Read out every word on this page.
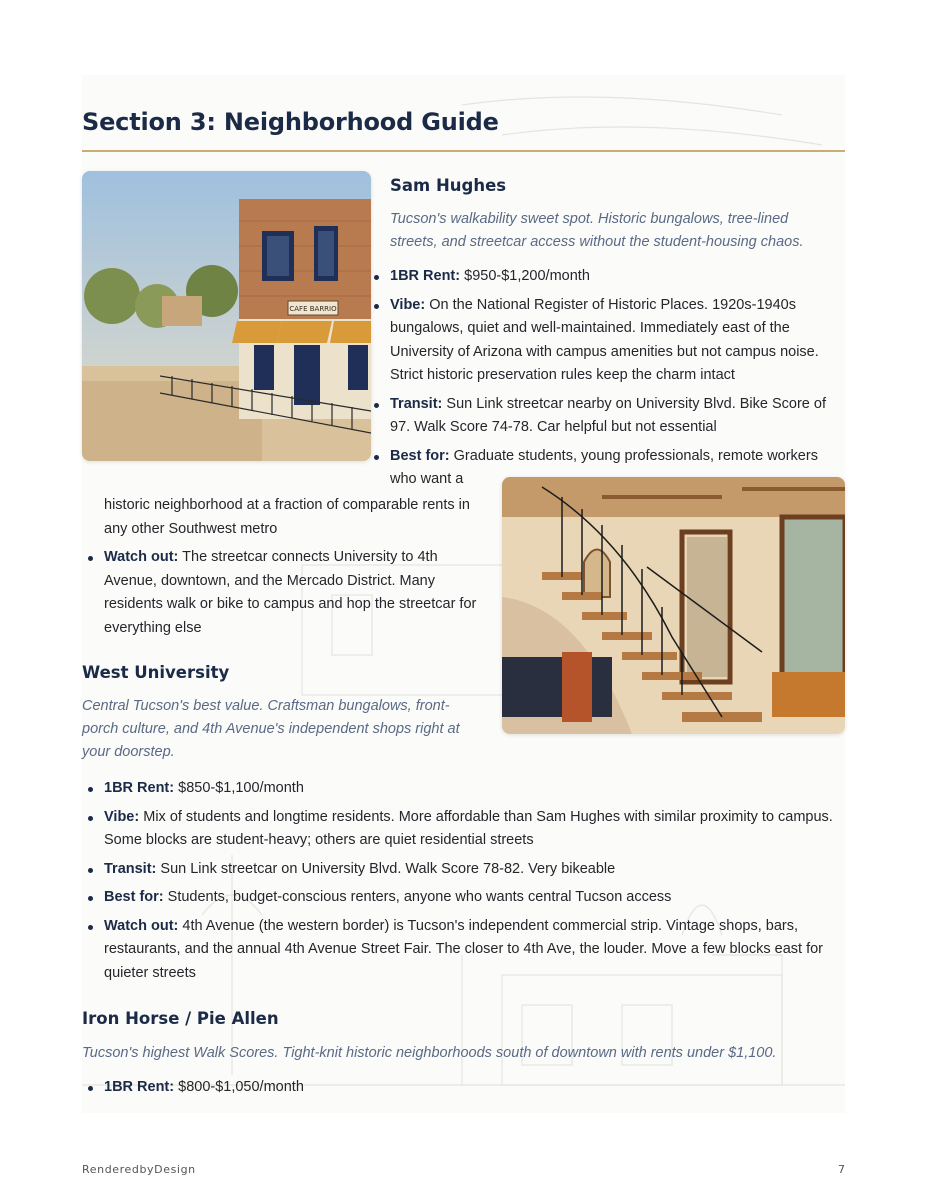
Section 3: Neighborhood Guide
CAFE BARRIO
Sam Hughes

Tucson's walkability sweet spot. Historic bungalows, tree-lined
streets, and streetcar access without the student-housing chaos.

1BR Rent: $950-$1,200/month
Vibe: On the National Register of Historic Places. 1920s-1940s
bungalows, quiet and well-maintained. Immediately east of the
University of Arizona with campus amenities but not campus noise.
Strict historic preservation rules keep the charm intact
Transit: Sun Link streetcar nearby on University Blvd. Bike Score of
97. Walk Score 74-78. Car helpful but not essential
Best for: Graduate students, young professionals, remote workers
who want a
historic neighborhood at a fraction of comparable rents in
any other Southwest metro
Watch out: The streetcar connects University to 4th
Avenue, downtown, and the Mercado District. Many
residents walk or bike to campus and hop the streetcar for
everything else
West University

Central Tucson's best value. Craftsman bungalows, front-
porch culture, and 4th Avenue's independent shops right at
your doorstep.

1BR Rent: $850-$1,100/month
Vibe: Mix of students and longtime residents. More affordable than Sam Hughes with similar proximity to campus.
Some blocks are student-heavy; others are quiet residential streets
Transit: Sun Link streetcar on University Blvd. Walk Score 78-82. Very bikeable
Best for: Students, budget-conscious renters, anyone who wants central Tucson access
Watch out: 4th Avenue (the western border) is Tucson's independent commercial strip. Vintage shops, bars,
restaurants, and the annual 4th Avenue Street Fair. The closer to 4th Ave, the louder. Move a few blocks east for
quieter streets
Iron Horse / Pie Allen

Tucson's highest Walk Scores. Tight-knit historic neighborhoods south of downtown with rents under $1,100.

1BR Rent: $800-$1,050/month
RenderedbyDesign	7
